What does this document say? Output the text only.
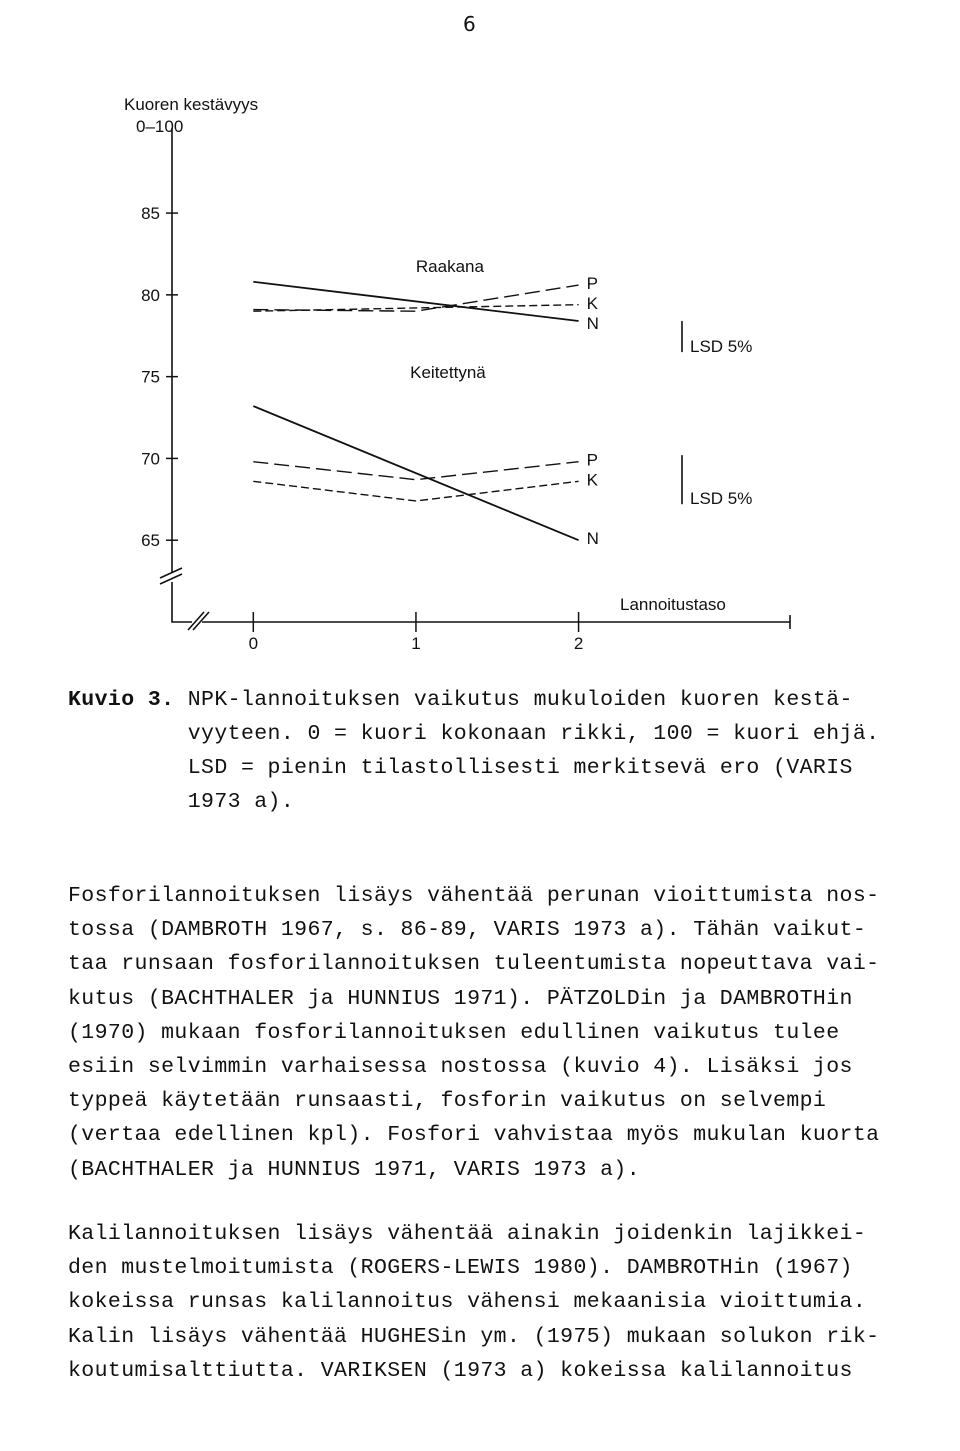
6
Kuoren kestävyys
0–100
85
80
75
70
65
0	1	2
Lannoitustaso
Raakana
P
K
N
Keitettynä
P
K
N
LSD 5%
LSD 5%

Kuvio 3. NPK-lannoituksen vaikutus mukuloiden kuoren kestä-

vyyteen. 0 = kuori kokonaan rikki, 100 = kuori ehjä.

LSD = pienin tilastollisesti merkitsevä ero (VARIS

1973 a).

Fosforilannoituksen lisäys vähentää perunan vioittumista nos-

tossa (DAMBROTH 1967, s. 86-89, VARIS 1973 a). Tähän vaikut-

taa runsaan fosforilannoituksen tuleentumista nopeuttava vai-

kutus (BACHTHALER ja HUNNIUS 1971). PÄTZOLDin ja DAMBROTHin

(1970) mukaan fosforilannoituksen edullinen vaikutus tulee

esiin selvimmin varhaisessa nostossa (kuvio 4). Lisäksi jos

typpeä käytetään runsaasti, fosforin vaikutus on selvempi

(vertaa edellinen kpl). Fosfori vahvistaa myös mukulan kuorta

(BACHTHALER ja HUNNIUS 1971, VARIS 1973 a).

Kalilannoituksen lisäys vähentää ainakin joidenkin lajikkei-

den mustelmoitumista (ROGERS-LEWIS 1980). DAMBROTHin (1967)

kokeissa runsas kalilannoitus vähensi mekaanisia vioittumia.

Kalin lisäys vähentää HUGHESin ym. (1975) mukaan solukon rik-

koutumisalttiutta. VARIKSEN (1973 a) kokeissa kalilannoitus
